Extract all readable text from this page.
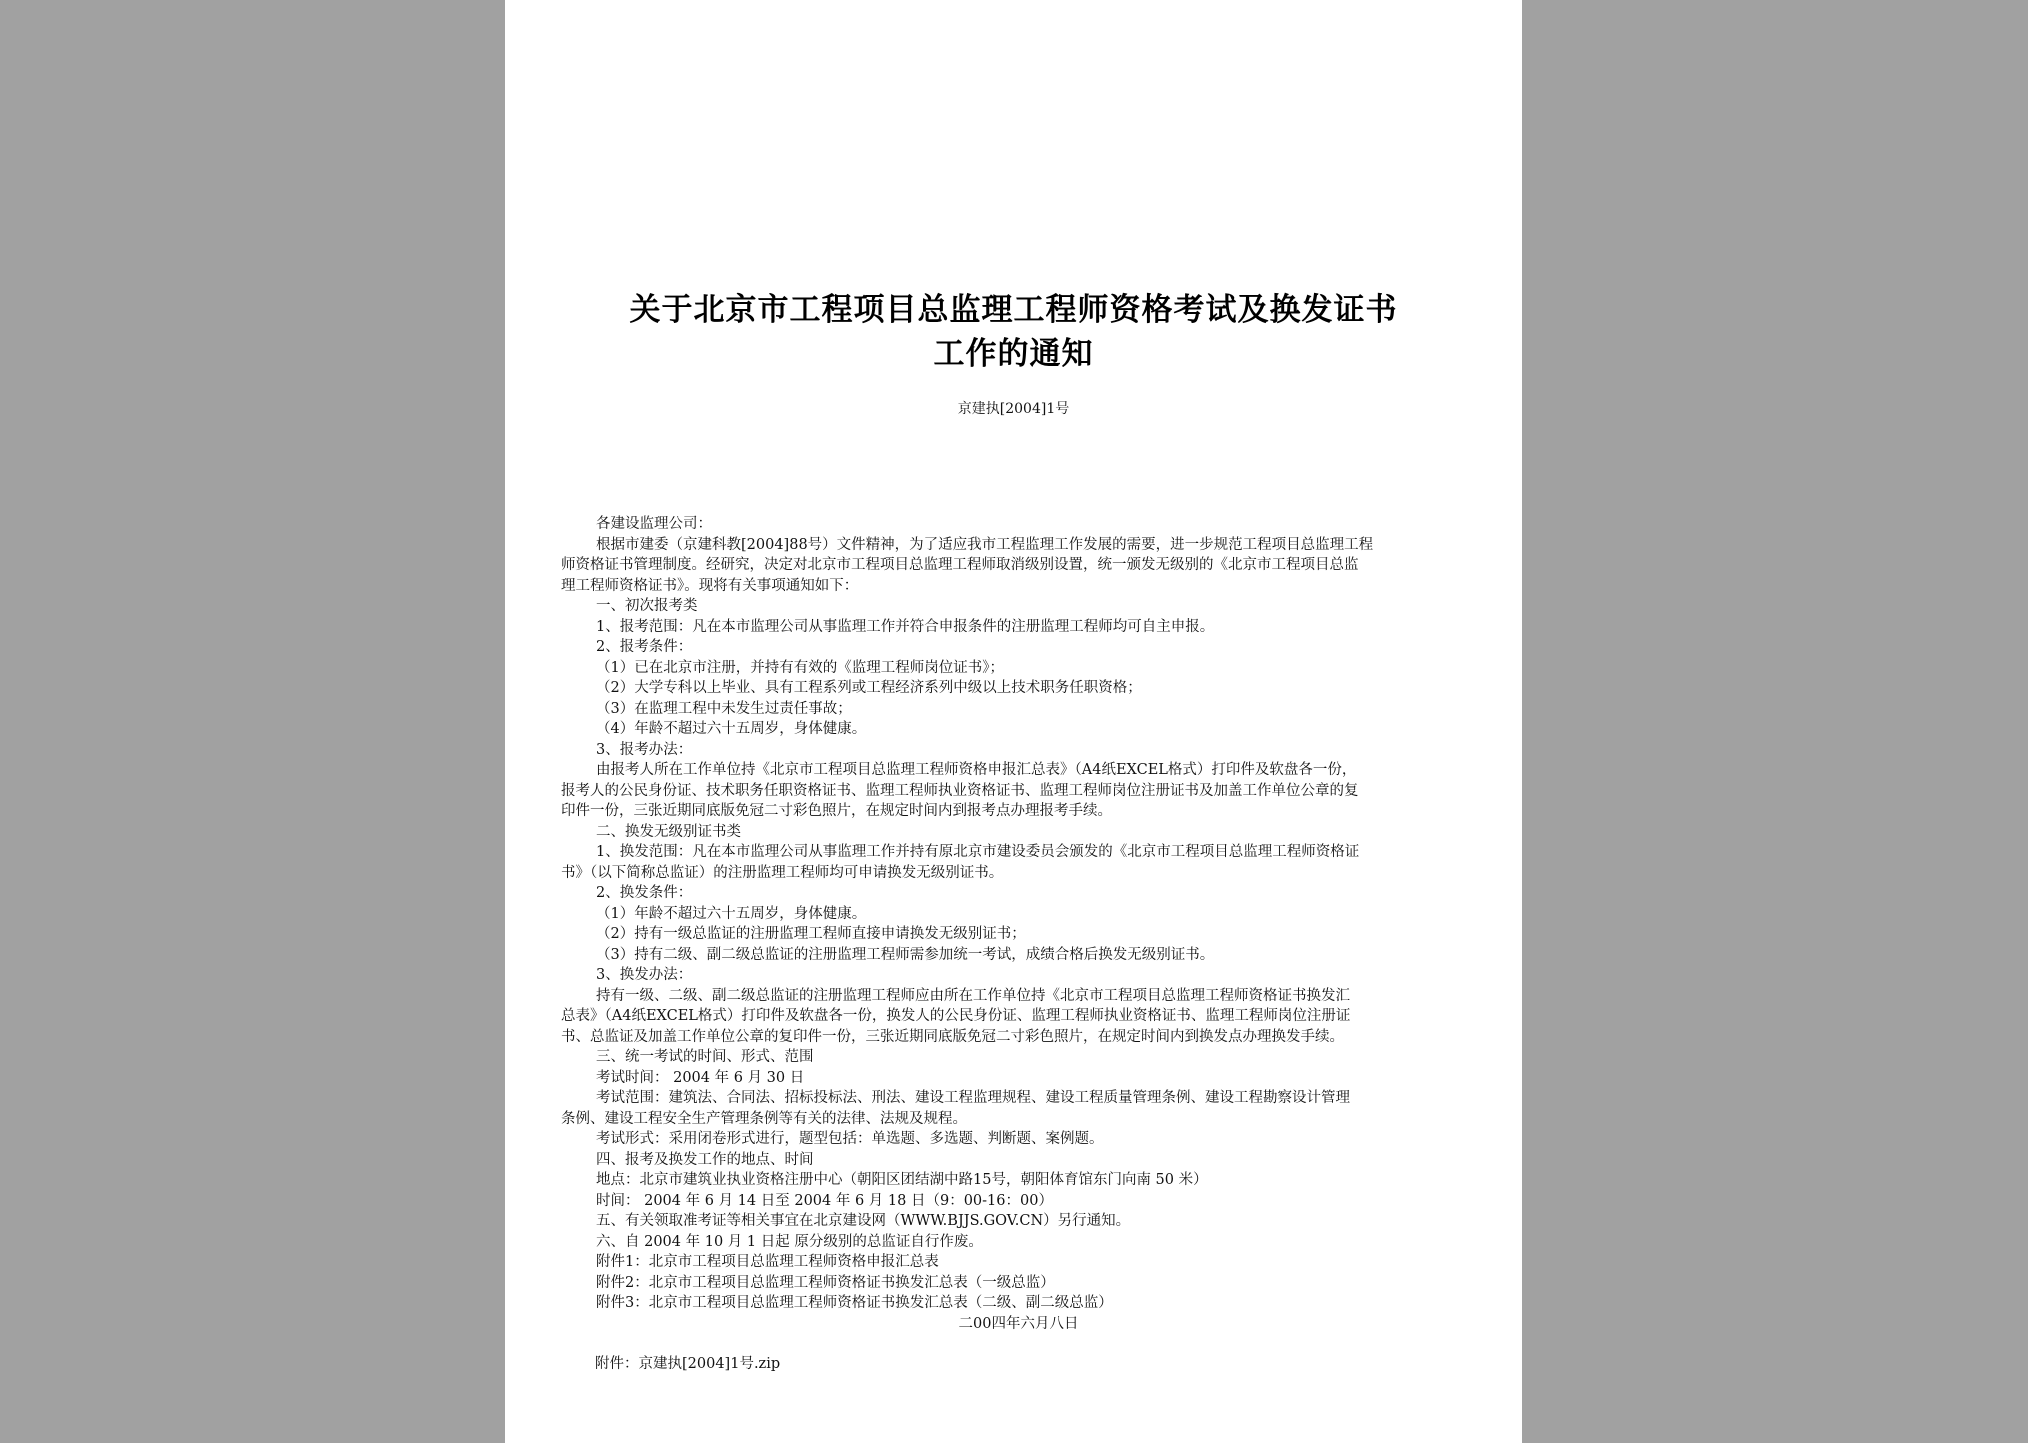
关于北京市工程项目总监理工程师资格考试及换发证书
工作的通知
京建执[2004]1号
各建设监理公司：
根据市建委（京建科教[2004]88号）文件精神，为了适应我市工程监理工作发展的需要，进一步规范工程项目总监理工程
师资格证书管理制度。经研究，决定对北京市工程项目总监理工程师取消级别设置，统一颁发无级别的《北京市工程项目总监
理工程师资格证书》。现将有关事项通知如下：
一、初次报考类
1、报考范围：凡在本市监理公司从事监理工作并符合申报条件的注册监理工程师均可自主申报。
2、报考条件：
（1）已在北京市注册，并持有有效的《监理工程师岗位证书》；
（2）大学专科以上毕业、具有工程系列或工程经济系列中级以上技术职务任职资格；
（3）在监理工程中未发生过责任事故；
（4）年龄不超过六十五周岁，身体健康。
3、报考办法：
由报考人所在工作单位持《北京市工程项目总监理工程师资格申报汇总表》（A4纸EXCEL格式）打印件及软盘各一份，
报考人的公民身份证、技术职务任职资格证书、监理工程师执业资格证书、监理工程师岗位注册证书及加盖工作单位公章的复
印件一份，三张近期同底版免冠二寸彩色照片，在规定时间内到报考点办理报考手续。
二、换发无级别证书类
1、换发范围：凡在本市监理公司从事监理工作并持有原北京市建设委员会颁发的《北京市工程项目总监理工程师资格证
书》（以下简称总监证）的注册监理工程师均可申请换发无级别证书。
2、换发条件：
（1）年龄不超过六十五周岁，身体健康。
（2）持有一级总监证的注册监理工程师直接申请换发无级别证书；
（3）持有二级、副二级总监证的注册监理工程师需参加统一考试，成绩合格后换发无级别证书。
3、换发办法：
持有一级、二级、副二级总监证的注册监理工程师应由所在工作单位持《北京市工程项目总监理工程师资格证书换发汇
总表》（A4纸EXCEL格式）打印件及软盘各一份，换发人的公民身份证、监理工程师执业资格证书、监理工程师岗位注册证
书、总监证及加盖工作单位公章的复印件一份，三张近期同底版免冠二寸彩色照片，在规定时间内到换发点办理换发手续。
三、统一考试的时间、形式、范围
考试时间： 2004 年 6 月 30 日
考试范围：建筑法、合同法、招标投标法、刑法、建设工程监理规程、建设工程质量管理条例、建设工程勘察设计管理
条例、建设工程安全生产管理条例等有关的法律、法规及规程。
考试形式：采用闭卷形式进行，题型包括：单选题、多选题、判断题、案例题。
四、报考及换发工作的地点、时间
地点：北京市建筑业执业资格注册中心（朝阳区团结湖中路15号，朝阳体育馆东门向南 50 米）
时间： 2004 年 6 月 14 日至 2004 年 6 月 18 日（9：00-16：00）
五、有关领取准考证等相关事宜在北京建设网（WWW.BJJS.GOV.CN）另行通知。
六、自 2004 年 10 月 1 日起 原分级别的总监证自行作废。
附件1：北京市工程项目总监理工程师资格申报汇总表
附件2：北京市工程项目总监理工程师资格证书换发汇总表（一级总监）
附件3：北京市工程项目总监理工程师资格证书换发汇总表（二级、副二级总监）
二00四年六月八日
附件：京建执[2004]1号.zip
